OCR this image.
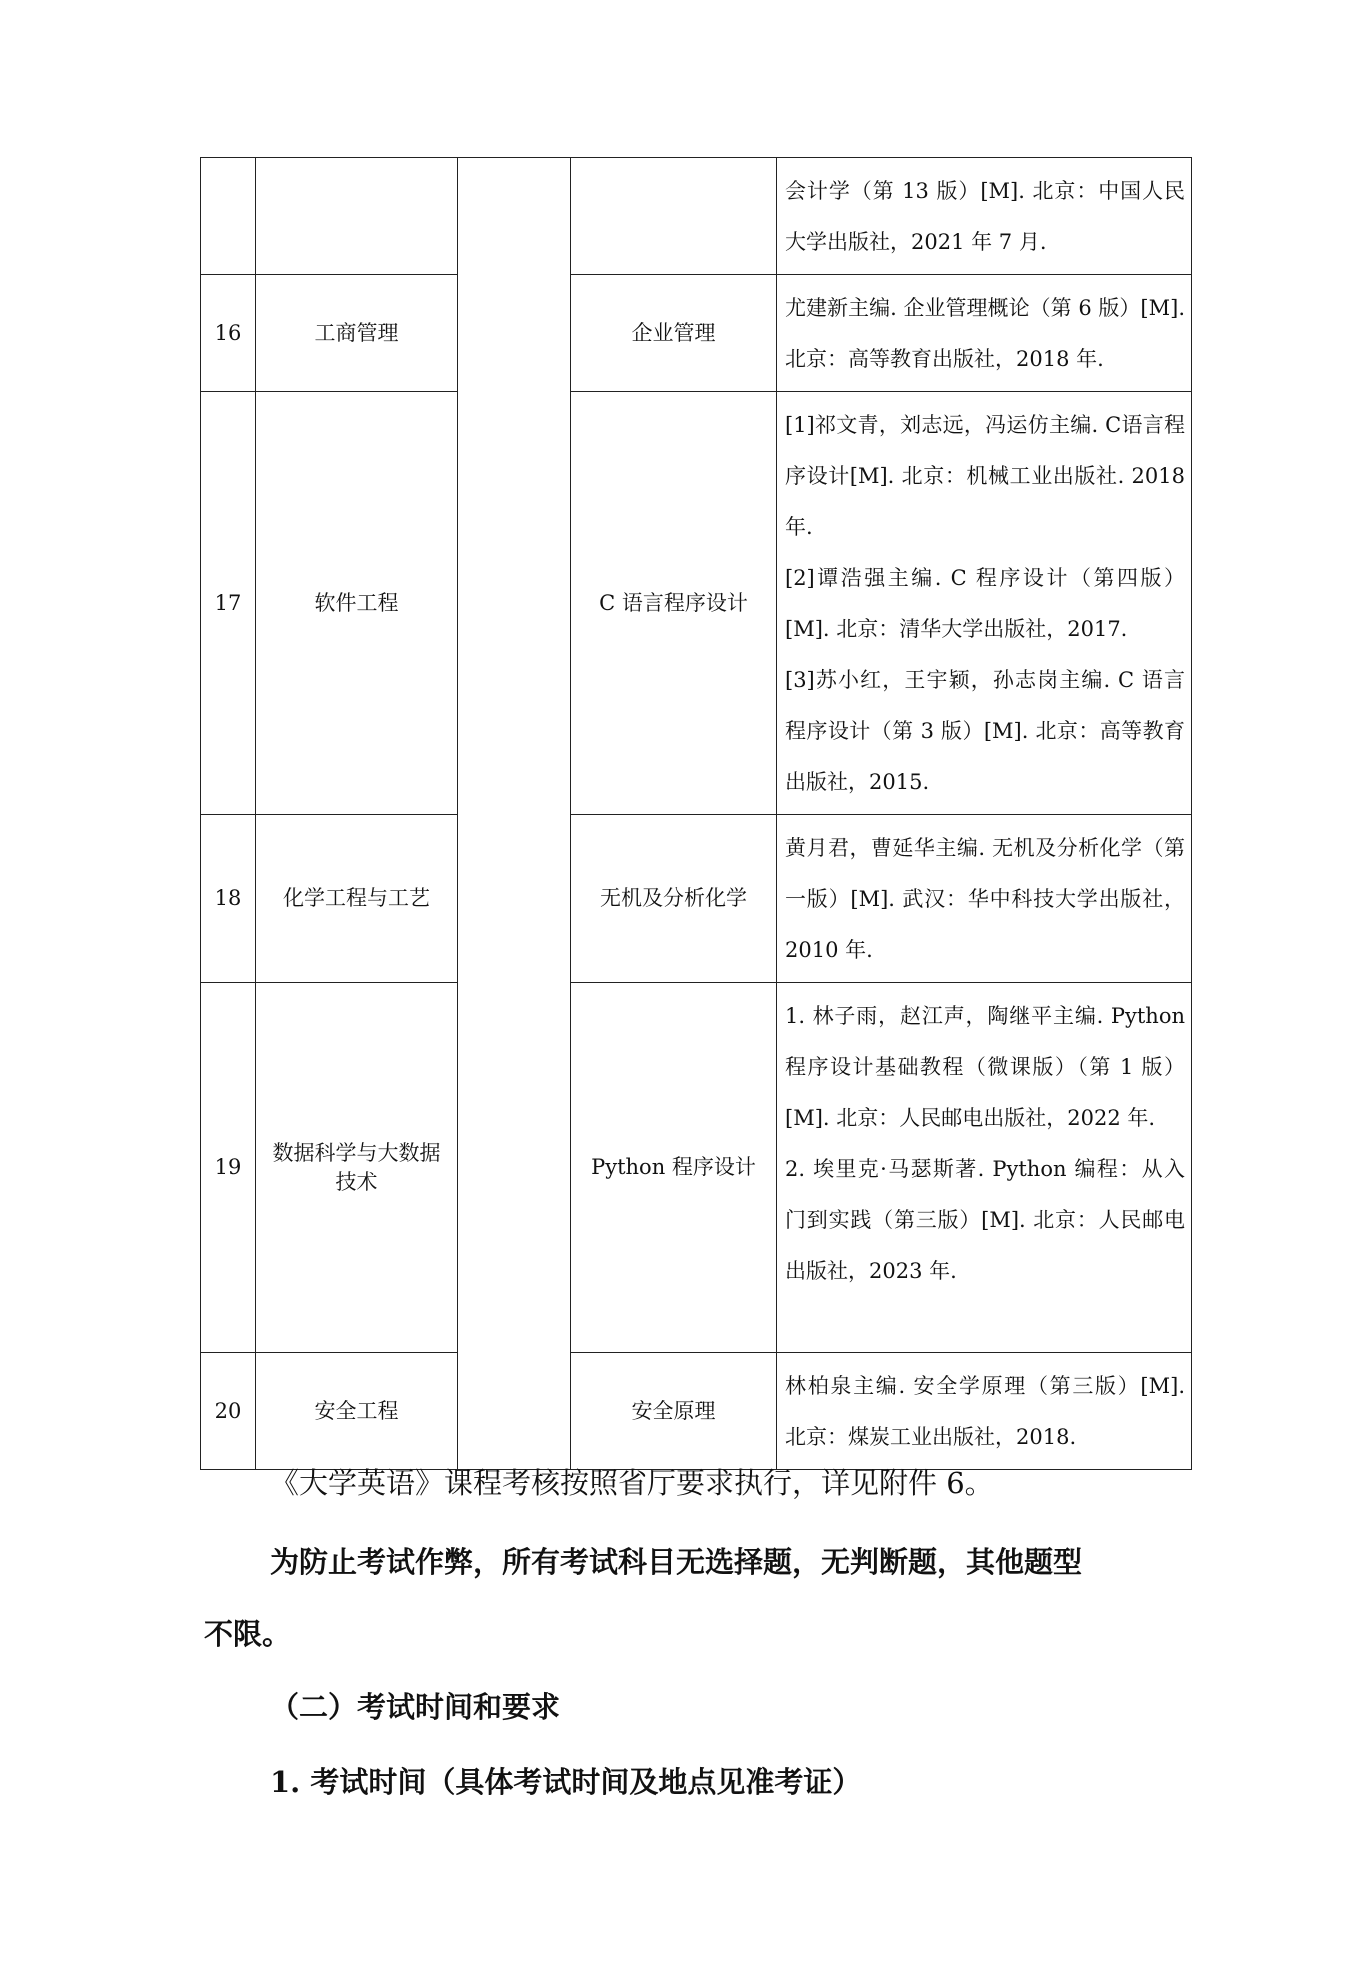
				会计学（第 13 版）[M]. 北京：中国人民大学出版社，2021 年 7 月.

16	工商管理		企业管理	尤建新主编. 企业管理概论（第 6 版）[M]. 北京：高等教育出版社，2018 年.

17	软件工程		C 语言程序设计	[1]祁文青，刘志远，冯运仿主编. C语言程序设计[M]. 北京：机械工业出版社. 2018年.
[2]谭浩强主编. C 程序设计（第四版）[M]. 北京：清华大学出版社，2017.
[3]苏小红，王宇颖，孙志岗主编. C 语言程序设计（第 3 版）[M]. 北京：高等教育出版社，2015.

18	化学工程与工艺		无机及分析化学	黄月君，曹延华主编. 无机及分析化学（第一版）[M]. 武汉：华中科技大学出版社，2010 年.

19	数据科学与大数据技术		Python 程序设计	1. 林子雨，赵江声，陶继平主编. Python 程序设计基础教程（微课版）（第 1 版）[M]. 北京：人民邮电出版社，2022 年.
2. 埃里克·马瑟斯著. Python 编程：从入门到实践（第三版）[M]. 北京：人民邮电出版社，2023 年.

20	安全工程		安全原理	林柏泉主编. 安全学原理（第三版）[M]. 北京：煤炭工业出版社，2018.
《大学英语》课程考核按照省厅要求执行，详见附件 6。
为防止考试作弊，所有考试科目无选择题，无判断题，其他题型
不限。
（二）考试时间和要求
1. 考试时间（具体考试时间及地点见准考证）
